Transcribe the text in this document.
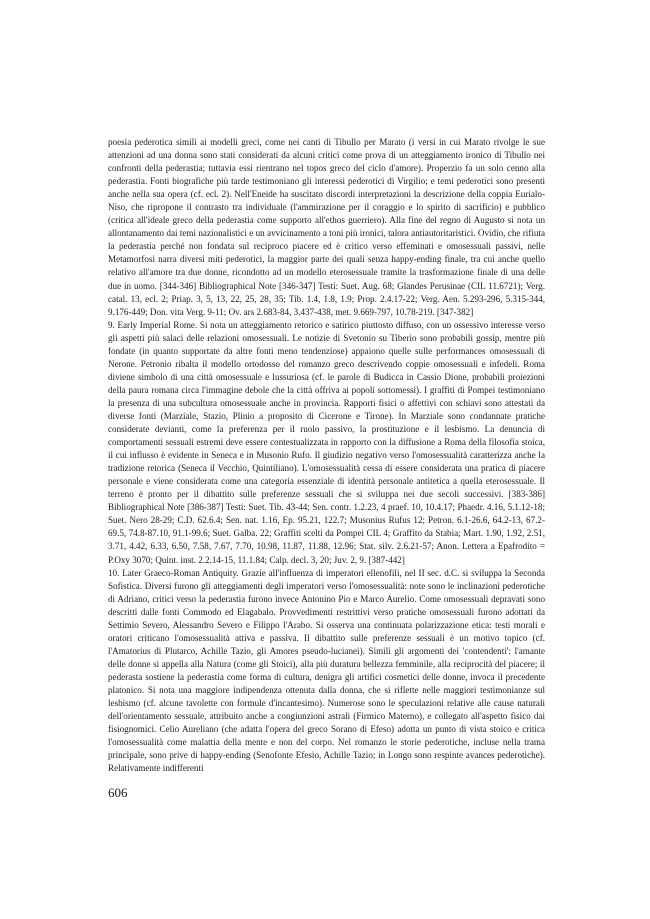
poesia pederotica simili ai modelli greci, come nei canti di Tibullo per Marato (i versi in cui Marato rivolge le sue attenzioni ad una donna sono stati considerati da alcuni critici come prova di un atteggiamento ironico di Tibullo nei confronti della pederastia; tuttavia essi rientrano nel topos greco del ciclo d'amore). Properzio fa un solo cenno alla pederastia. Fonti biografiche più tarde testimoniano gli interessi pederotici di Virgilio; e temi pederotici sono presenti anche nella sua opera (cf. ecl. 2). Nell'Eneide ha suscitato discordi interpretazioni la descrizione della coppia Eurialo-Niso, che ripropone il contrasto tra individuale (l'ammirazione per il coraggio e lo spirito di sacrificio) e pubblico (critica all'ideale greco della pederastia come supporto all'ethos guerriero). Alla fine del regno di Augusto si nota un allontanamento dai temi nazionalistici e un avvicinamento a toni più ironici, talora antiautoritaristici. Ovidio, che rifiuta la pederastia perché non fondata sul reciproco piacere ed è critico verso effeminati e omosessuali passivi, nelle Metamorfosi narra diversi miti pederotici, la maggior parte dei quali senza happy-ending finale, tra cui anche quello relativo all'amore tra due donne, ricondotto ad un modello eterosessuale tramite la trasformazione finale di una delle due in uomo. [344-346] Bibliographical Note [346-347] Testi: Suet. Aug. 68; Glandes Perusinae (CIL 11.6721); Verg. catal. 13, ecl. 2; Priap. 3, 5, 13, 22, 25, 28, 35; Tib. 1.4, 1.8, 1.9; Prop. 2.4.17-22; Verg. Aen. 5.293-296, 5.315-344, 9.176-449; Don. vita Verg. 9-11; Ov. ars 2.683-84, 3.437-438, met. 9.669-797, 10.78-219. [347-382]

9. Early Imperial Rome. Si nota un atteggiamento retorico e satirico piuttosto diffuso, con un ossessivo interesse verso gli aspetti più salaci delle relazioni omosessuali. Le notizie di Svetonio su Tiberio sono probabili gossip, mentre più fondate (in quanto supportate da altre fonti meno tendenziose) appaiono quelle sulle performances omosessuali di Nerone. Petronio ribalta il modello ortodosso del romanzo greco descrivendo coppie omosessuali e infedeli. Roma diviene simbolo di una città omosessuale e lussuriosa (cf. le parole di Budicca in Cassio Dione, probabili proiezioni della paura romana circa l'immagine debole che la città offriva ai popoli sottomessi). I graffiti di Pompei testimoniano la presenza di una subcultura omosessuale anche in provincia. Rapporti fisici o affettivi con schiavi sono attestati da diverse fonti (Marziale, Stazio, Plinio a proposito di Cicerone e Tirone). In Marziale sono condannate pratiche considerate devianti, come la preferenza per il ruolo passivo, la prostituzione e il lesbismo. La denuncia di comportamenti sessuali estremi deve essere contestualizzata in rapporto con la diffusione a Roma della filosofia stoica, il cui influsso è evidente in Seneca e in Musonio Rufo. Il giudizio negativo verso l'omosessualità caratterizza anche la tradizione retorica (Seneca il Vecchio, Quintiliano). L'omosessualità cessa di essere considerata una pratica di piacere personale e viene considerata come una categoria essenziale di identità personale antitetica a quella eterosessuale. Il terreno è pronto per il dibattito sulle preferenze sessuali che si sviluppa nei due secoli successivi. [383-386] Bibliographical Note [386-387] Testi: Suet. Tib. 43-44; Sen. contr. 1.2.23, 4 praef. 10, 10.4.17; Phaedr. 4.16, 5.1.12-18; Suet. Nero 28-29; C.D. 62.6.4; Sen. nat. 1.16, Ep. 95.21, 122.7; Musonius Rufus 12; Petron. 6.1-26.6, 64.2-13, 67.2-69.5, 74.8-87.10, 91.1-99.6; Suet. Galba. 22; Graffiti scelti da Pompei CIL 4; Graffito da Stabia; Mart. 1.90, 1.92, 2.51, 3.71, 4.42, 6.33, 6.50, 7.58, 7.67, 7.70, 10.98, 11.87, 11.88, 12.96; Stat. silv. 2.6.21-57; Anon. Lettera a Epafrodito = P.Oxy 3070; Quint. inst. 2.2.14-15, 11.1.84; Calp. decl. 3, 20; Juv. 2, 9. [387-442]

10. Later Graeco-Roman Antiquity. Grazie all'influenza di imperatori ellenofili, nel II sec. d.C. si sviluppa la Seconda Sofistica. Diversi furono gli atteggiamenti degli imperatori verso l'omosessualità: note sono le inclinazioni pederotiche di Adriano, critici verso la pederastia furono invece Antonino Pio e Marco Aurelio. Come omosessuali depravati sono descritti dalle fonti Commodo ed Elagabalo. Provvedimenti restrittivi verso pratiche omosessuali furono adottati da Settimio Severo, Alessandro Severo e Filippo l'Arabo. Si osserva una continuata polarizzazione etica: testi morali e oratori criticano l'omosessualità attiva e passiva. Il dibattito sulle preferenze sessuali è un motivo topico (cf. l'Amatorius di Plutarco, Achille Tazio, gli Amores pseudo-lucianei). Simili gli argomenti dei 'contendenti': l'amante delle donne si appella alla Natura (come gli Stoici), alla più duratura bellezza femminile, alla reciprocità del piacere; il pederasta sostiene la pederastia come forma di cultura, denigra gli artifici cosmetici delle donne, invoca il precedente platonico. Si nota una maggiore indipendenza ottenuta dalla donna, che si riflette nelle maggiori testimonianze sul lesbismo (cf. alcune tavolette con formule d'incantesimo). Numerose sono le speculazioni relative alle cause naturali dell'orientamento sessuale, attribuito anche a congiunzioni astrali (Firmico Materno), e collegato all'aspetto fisico dai fisiognomici. Celio Aureliano (che adatta l'opera del greco Sorano di Efeso) adotta un punto di vista stoico e critica l'omosessualità come malattia della mente e non del corpo. Nel romanzo le storie pederotiche, incluse nella trama principale, sono prive di happy-ending (Senofonte Efesio, Achille Tazio; in Longo sono respinte avances pederotiche). Relativamente indifferenti

606
